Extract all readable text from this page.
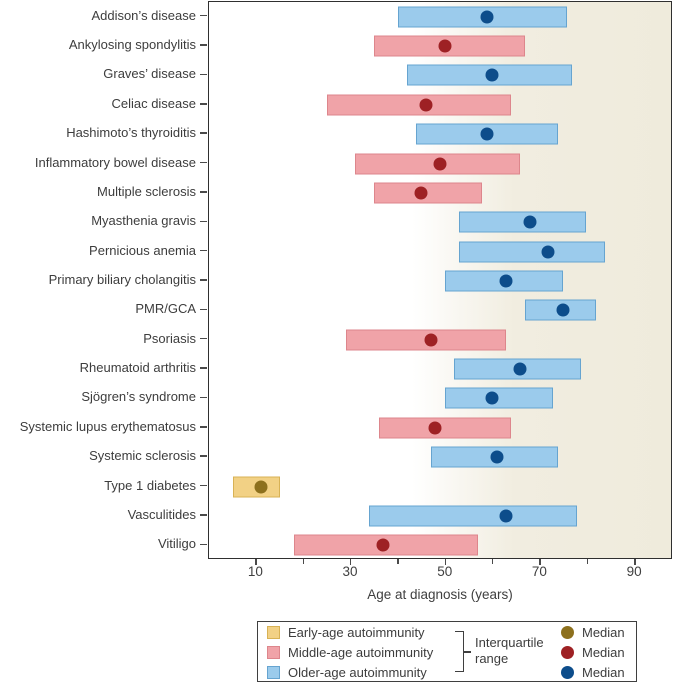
Addison’s disease
Ankylosing spondylitis
Graves’ disease
Celiac disease
Hashimoto’s thyroiditis
Inflammatory bowel disease
Multiple sclerosis
Myasthenia gravis
Pernicious anemia
Primary biliary cholangitis
PMR/GCA
Psoriasis
Rheumatoid arthritis
Sjögren’s syndrome
Systemic lupus erythematosus
Systemic sclerosis
Type 1 diabetes
Vasculitides
Vitiligo
10	30	50	70	90
Age at diagnosis (years)
Early-age autoimmunity
Middle-age autoimmunity
Older-age autoimmunity
Interquartile
range
Median
Median
Median
